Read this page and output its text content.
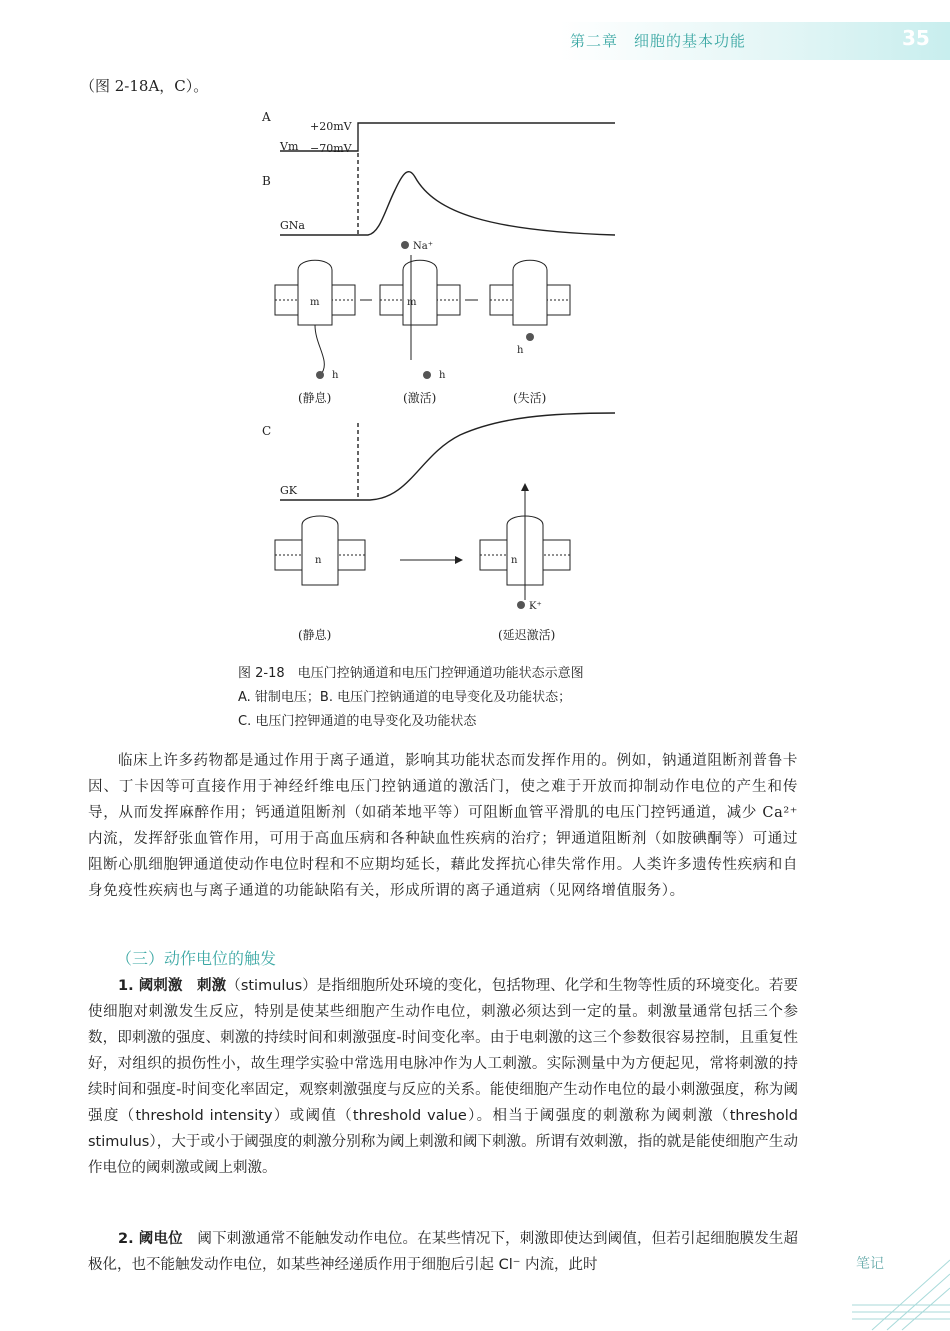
第二章　细胞的基本功能	35
（图 2-18A，C）。
A
Vm
+20mV
−70mV
B
GNa
C
GK
m
h
m
Na⁺
h
h
(静息)	(激活)	(失活)
n	n
K⁺
(静息)	(延迟激活)
图 2-18　电压门控钠通道和电压门控钾通道功能状态示意图
A. 钳制电压；B. 电压门控钠通道的电导变化及功能状态；
C. 电压门控钾通道的电导变化及功能状态
临床上许多药物都是通过作用于离子通道，影响其功能状态而发挥作用的。例如，钠通道阻断剂普鲁卡因、丁卡因等可直接作用于神经纤维电压门控钠通道的激活门，使之难于开放而抑制动作电位的产生和传导，从而发挥麻醉作用；钙通道阻断剂（如硝苯地平等）可阻断血管平滑肌的电压门控钙通道，减少 Ca²⁺ 内流，发挥舒张血管作用，可用于高血压病和各种缺血性疾病的治疗；钾通道阻断剂（如胺碘酮等）可通过阻断心肌细胞钾通道使动作电位时程和不应期均延长，藉此发挥抗心律失常作用。人类许多遗传性疾病和自身免疫性疾病也与离子通道的功能缺陷有关，形成所谓的离子通道病（见网络增值服务）。
（三）动作电位的触发
1. 阈刺激　刺激（stimulus）是指细胞所处环境的变化，包括物理、化学和生物等性质的环境变化。若要使细胞对刺激发生反应，特别是使某些细胞产生动作电位，刺激必须达到一定的量。刺激量通常包括三个参数，即刺激的强度、刺激的持续时间和刺激强度-时间变化率。由于电刺激的这三个参数很容易控制，且重复性好，对组织的损伤性小，故生理学实验中常选用电脉冲作为人工刺激。实际测量中为方便起见，常将刺激的持续时间和强度-时间变化率固定，观察刺激强度与反应的关系。能使细胞产生动作电位的最小刺激强度，称为阈强度（threshold intensity）或阈值（threshold value）。相当于阈强度的刺激称为阈刺激（threshold stimulus），大于或小于阈强度的刺激分别称为阈上刺激和阈下刺激。所谓有效刺激，指的就是能使细胞产生动作电位的阈刺激或阈上刺激。
2. 阈电位　阈下刺激通常不能触发动作电位。在某些情况下，刺激即使达到阈值，但若引起细胞膜发生超极化，也不能触发动作电位，如某些神经递质作用于细胞后引起 Cl⁻ 内流，此时	笔记
